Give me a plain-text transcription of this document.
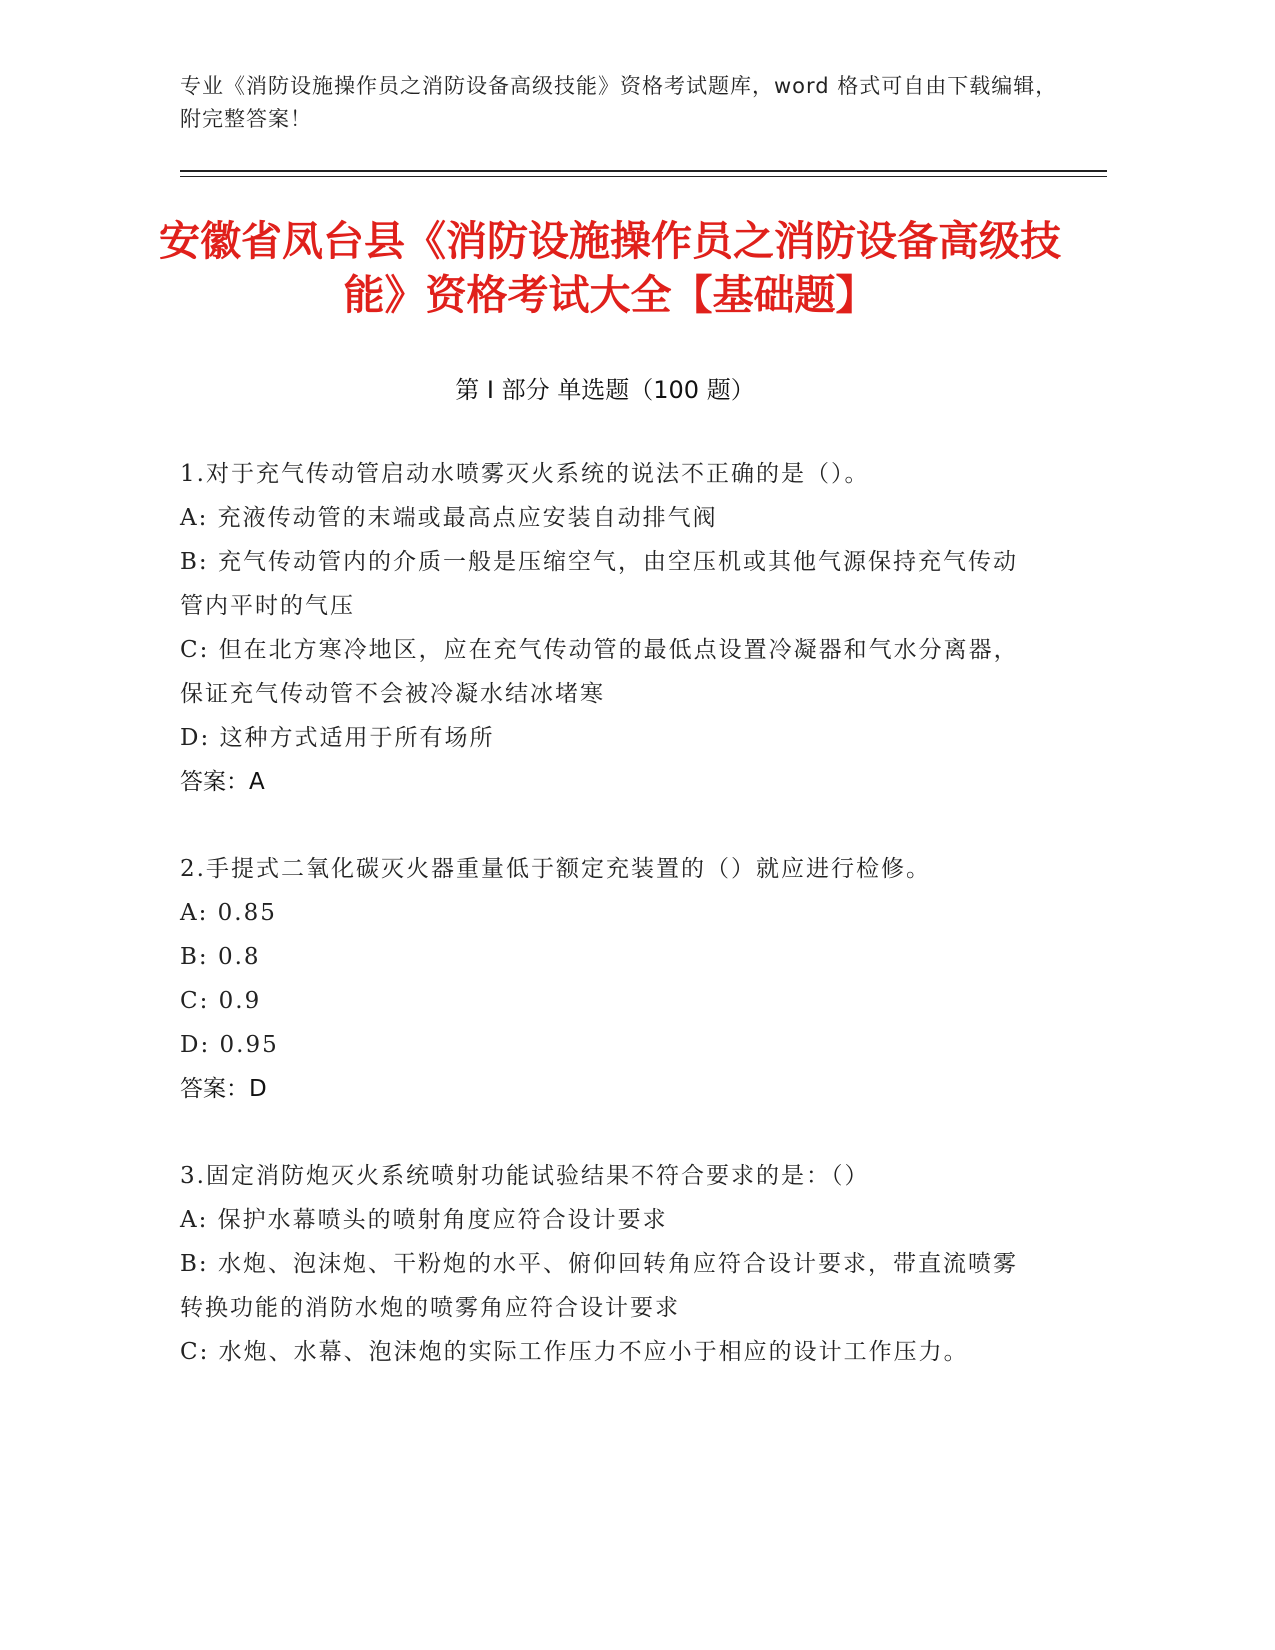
专业《消防设施操作员之消防设备高级技能》资格考试题库，word 格式可自由下载编辑，附完整答案！
安徽省凤台县《消防设施操作员之消防设备高级技能》资格考试大全【基础题】
第 I 部分 单选题（100 题）
1.对于充气传动管启动水喷雾灭火系统的说法不正确的是（）。
A: 充液传动管的末端或最高点应安装自动排气阀
B: 充气传动管内的介质一般是压缩空气，由空压机或其他气源保持充气传动管内平时的气压
C: 但在北方寒冷地区，应在充气传动管的最低点设置冷凝器和气水分离器，保证充气传动管不会被冷凝水结冰堵寒
D: 这种方式适用于所有场所
答案：A
2.手提式二氧化碳灭火器重量低于额定充装置的（）就应进行检修。
A: 0.85
B: 0.8
C: 0.9
D: 0.95
答案：D
3.固定消防炮灭火系统喷射功能试验结果不符合要求的是：（）
A: 保护水幕喷头的喷射角度应符合设计要求
B: 水炮、泡沫炮、干粉炮的水平、俯仰回转角应符合设计要求，带直流喷雾转换功能的消防水炮的喷雾角应符合设计要求
C: 水炮、水幕、泡沫炮的实际工作压力不应小于相应的设计工作压力。
